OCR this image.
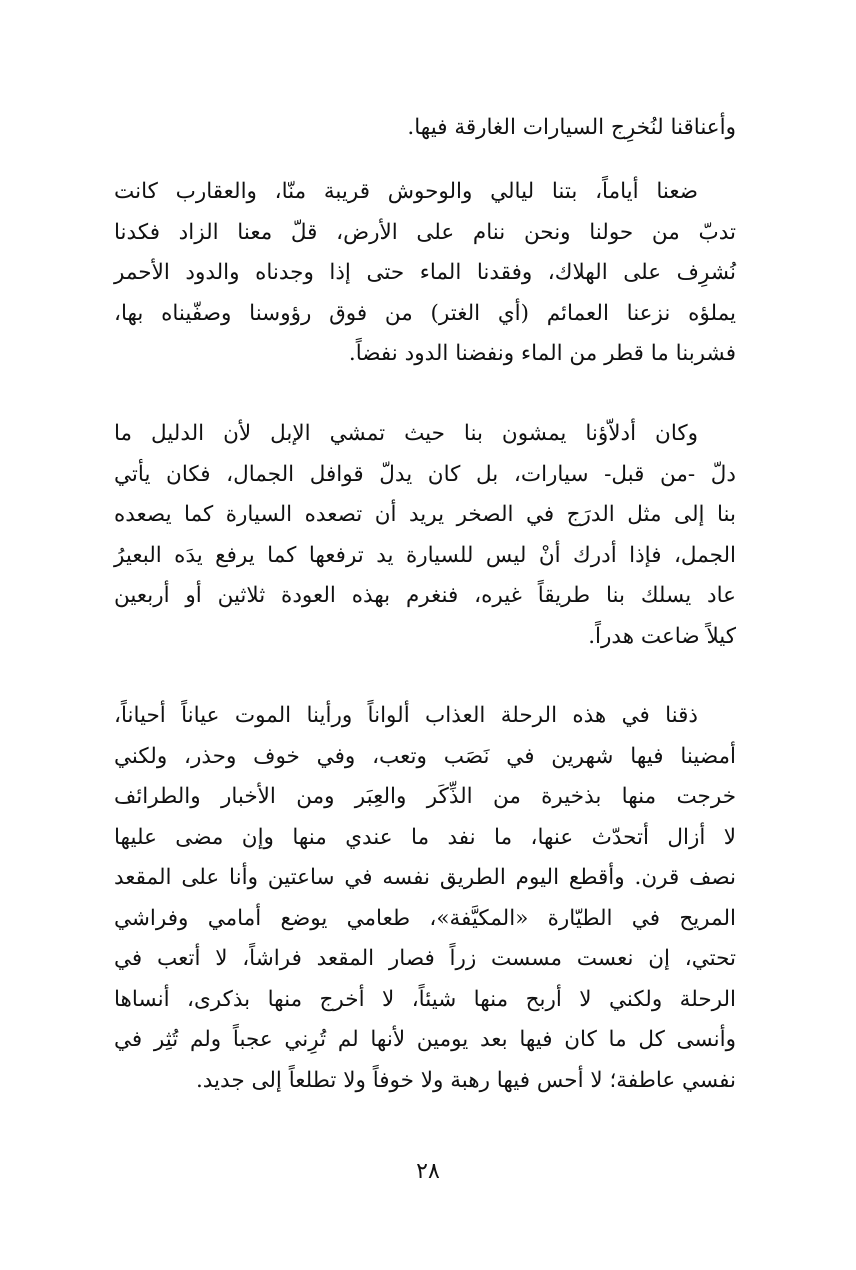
وأعناقنا لنُخرِج السيارات الغارقة فيها.
ضعنا أياماً، بتنا ليالي والوحوش قريبة منّا، والعقارب كانت
تدبّ من حولنا ونحن ننام على الأرض، قلّ معنا الزاد فكدنا
نُشرِف على الهلاك، وفقدنا الماء حتى إذا وجدناه والدود الأحمر
يملؤه نزعنا العمائم (أي الغتر) من فوق رؤوسنا وصفّيناه بها،
فشربنا ما قطر من الماء ونفضنا الدود نفضاً.
وكان أدلاّؤنا يمشون بنا حيث تمشي الإبل لأن الدليل ما
دلّ -من قبل- سيارات، بل كان يدلّ قوافل الجمال، فكان يأتي
بنا إلى مثل الدرَج في الصخر يريد أن تصعده السيارة كما يصعده
الجمل، فإذا أدرك أنْ ليس للسيارة يد ترفعها كما يرفع يدَه البعيرُ
عاد يسلك بنا طريقاً غيره، فنغرم بهذه العودة ثلاثين أو أربعين
كيلاً ضاعت هدراً.
ذقنا في هذه الرحلة العذاب ألواناً ورأينا الموت عياناً أحياناً،
أمضينا فيها شهرين في نَصَب وتعب، وفي خوف وحذر، ولكني
خرجت منها بذخيرة من الذِّكَر والعِبَر ومن الأخبار والطرائف
لا أزال أتحدّث عنها، ما نفد ما عندي منها وإن مضى عليها
نصف قرن. وأقطع اليوم الطريق نفسه في ساعتين وأنا على المقعد
المريح في الطيّارة «المكيَّفة»، طعامي يوضع أمامي وفراشي
تحتي، إن نعست مسست زراً فصار المقعد فراشاً، لا أتعب في
الرحلة ولكني لا أربح منها شيئاً، لا أخرج منها بذكرى، أنساها
وأنسى كل ما كان فيها بعد يومين لأنها لم تُرِني عجباً ولم تُثِر في
نفسي عاطفة؛ لا أحس فيها رهبة ولا خوفاً ولا تطلعاً إلى جديد.
٢٨
